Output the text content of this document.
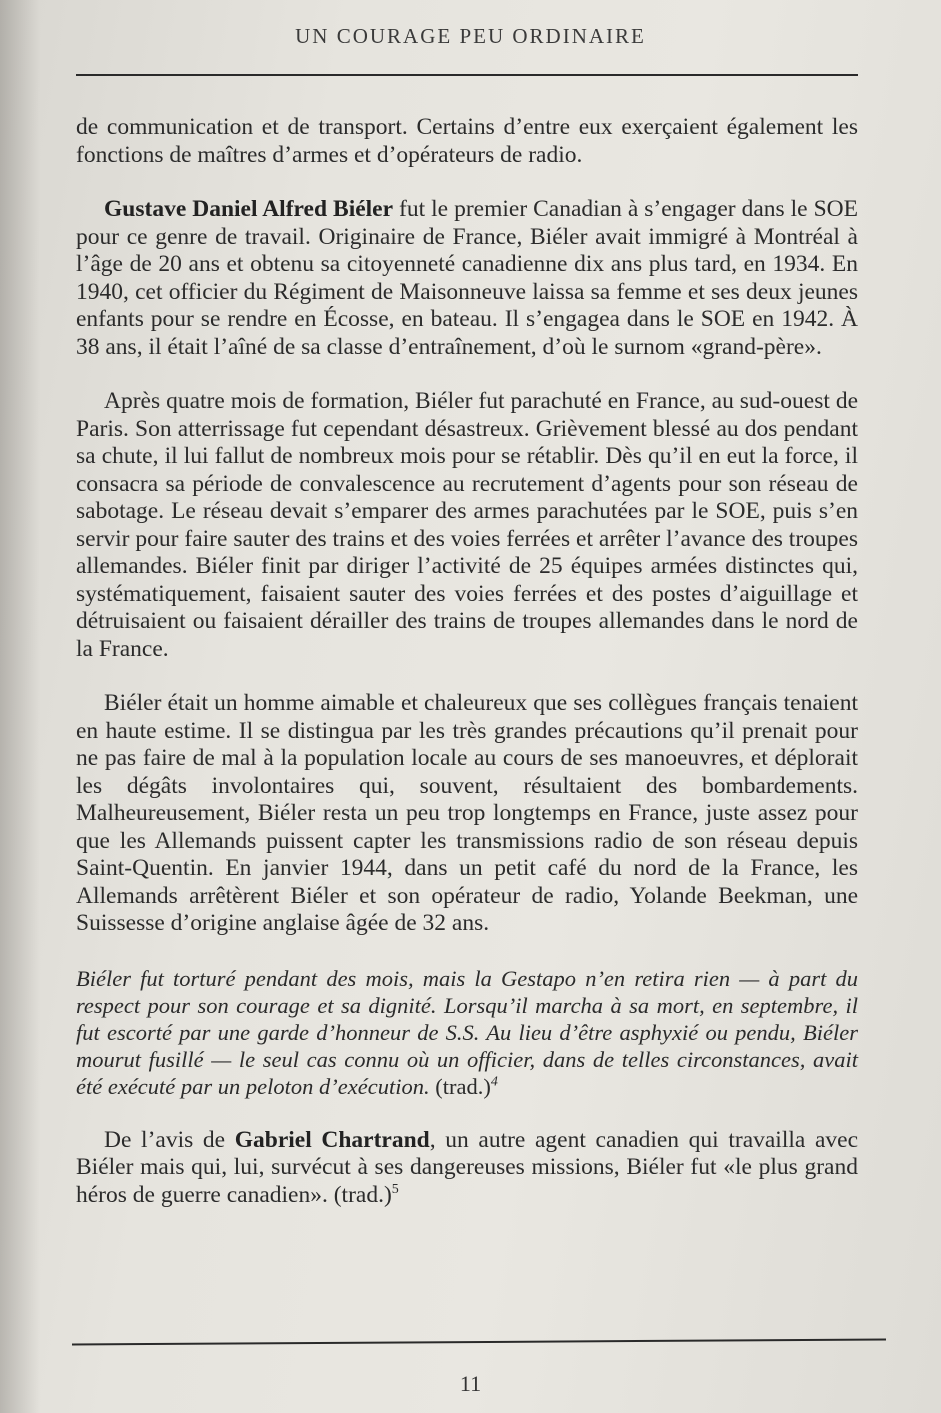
UN COURAGE PEU ORDINAIRE

de communication et de transport. Certains d’entre eux exerçaient également les fonctions de maîtres d’armes et d’opérateurs de radio.

Gustave Daniel Alfred Biéler fut le premier Canadian à s’engager dans le SOE pour ce genre de travail. Originaire de France, Biéler avait immigré à Montréal à l’âge de 20 ans et obtenu sa citoyenneté canadienne dix ans plus tard, en 1934. En 1940, cet officier du Régiment de Maisonneuve laissa sa femme et ses deux jeunes enfants pour se rendre en Écosse, en bateau. Il s’engagea dans le SOE en 1942. À 38 ans, il était l’aîné de sa classe d’entraînement, d’où le surnom «grand-père».

Après quatre mois de formation, Biéler fut parachuté en France, au sud-ouest de Paris. Son atterrissage fut cependant désastreux. Grièvement blessé au dos pendant sa chute, il lui fallut de nombreux mois pour se rétablir. Dès qu’il en eut la force, il consacra sa période de convalescence au recrutement d’agents pour son réseau de sabotage. Le réseau devait s’emparer des armes parachutées par le SOE, puis s’en servir pour faire sauter des trains et des voies ferrées et arrêter l’avance des troupes allemandes. Biéler finit par diriger l’activité de 25 équipes armées distinctes qui, systématiquement, faisaient sauter des voies ferrées et des postes d’aiguillage et détruisaient ou faisaient dérailler des trains de troupes allemandes dans le nord de la France.

Biéler était un homme aimable et chaleureux que ses collègues français tenaient en haute estime. Il se distingua par les très grandes précautions qu’il prenait pour ne pas faire de mal à la population locale au cours de ses manoeuvres, et déplorait les dégâts involontaires qui, souvent, résultaient des bombardements. Malheureusement, Biéler resta un peu trop longtemps en France, juste assez pour que les Allemands puissent capter les transmissions radio de son réseau depuis Saint-Quentin. En janvier 1944, dans un petit café du nord de la France, les Allemands arrêtèrent Biéler et son opérateur de radio, Yolande Beekman, une Suissesse d’origine anglaise âgée de 32 ans.

Biéler fut torturé pendant des mois, mais la Gestapo n’en retira rien — à part du respect pour son courage et sa dignité. Lorsqu’il marcha à sa mort, en septembre, il fut escorté par une garde d’honneur de S.S. Au lieu d’être asphyxié ou pendu, Biéler mourut fusillé — le seul cas connu où un officier, dans de telles circonstances, avait été exécuté par un peloton d’exécution. (trad.)$^4$

De l’avis de Gabriel Chartrand, un autre agent canadien qui travailla avec Biéler mais qui, lui, survécut à ses dangereuses missions, Biéler fut «le plus grand héros de guerre canadien». (trad.)$^5$

11
